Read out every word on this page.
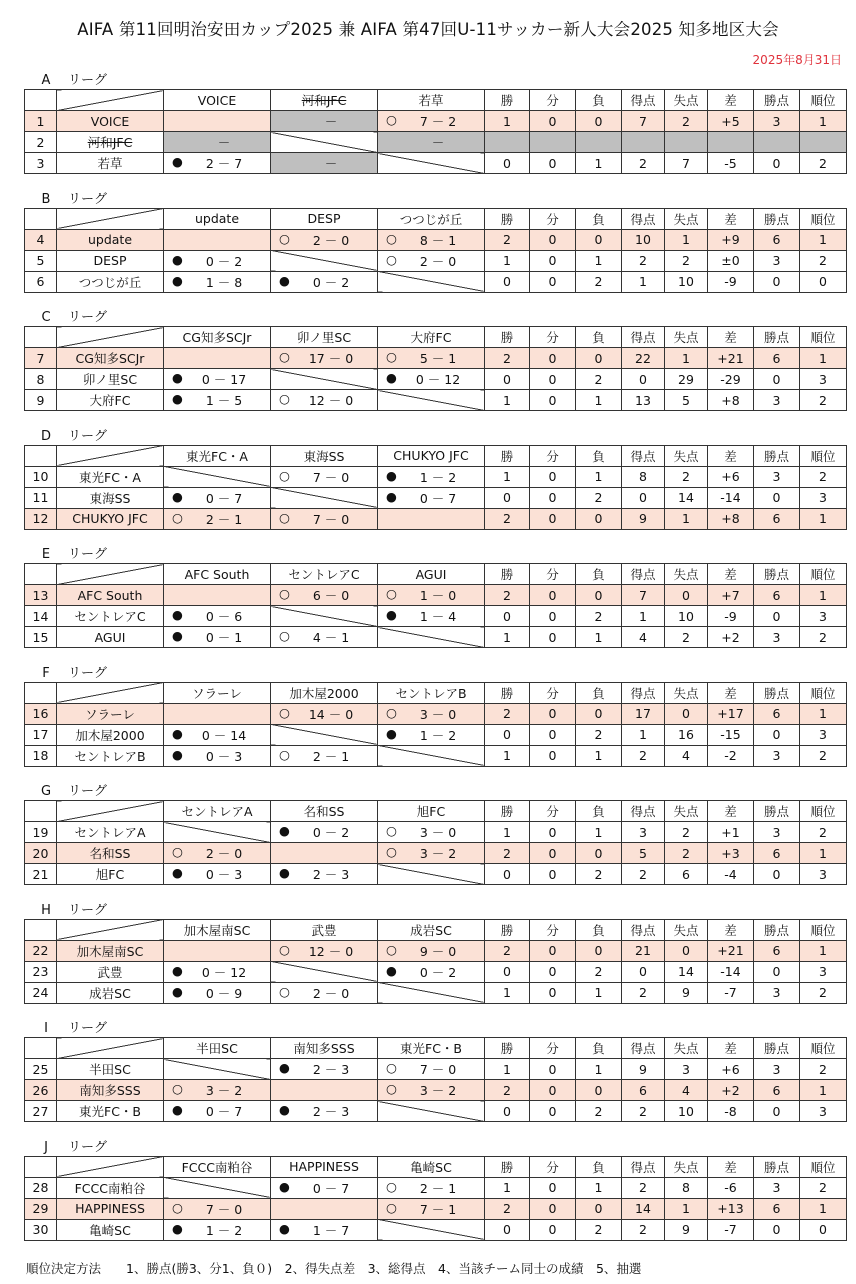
AIFA 第11回明治安田カップ2025 兼 AIFA 第47回U-11サッカー新人大会2025 知多地区大会
2025年8月31日
A リーグ
		VOICE	河和JFC	若草	勝	分	負	得点	失点	差	勝点	順位
1	VOICE		－	○ 7 － 2	1	0	0	7	2	+5	3	1
2	河和JFC	－		－								

3	若草	● 2 － 7	－		0	0	1	2	7	-5	0	2
B リーグ
		update	DESP	つつじが丘	勝	分	負	得点	失点	差	勝点	順位
4	update		○ 2 － 0	○ 8 － 1	2	0	0	10	1	+9	6	1
5	DESP	● 0 － 2		○ 2 － 0	1	0	1	2	2	±0	3	2
6	つつじが丘	● 1 － 8	● 0 － 2		0	0	2	1	10	-9	0	0
C リーグ
		CG知多SCJr	卯ノ里SC	大府FC	勝	分	負	得点	失点	差	勝点	順位
7	CG知多SCJr		○ 17 － 0	○ 5 － 1	2	0	0	22	1	+21	6	1
8	卯ノ里SC	● 0 － 17		● 0 － 12	0	0	2	0	29	-29	0	3
9	大府FC	● 1 － 5	○ 12 － 0		1	0	1	13	5	+8	3	2
D リーグ
		東光FC・A	東海SS	CHUKYO JFC	勝	分	負	得点	失点	差	勝点	順位
10	東光FC・A		○ 7 － 0	● 1 － 2	1	0	1	8	2	+6	3	2
11	東海SS	● 0 － 7		● 0 － 7	0	0	2	0	14	-14	0	3
12	CHUKYO JFC	○ 2 － 1	○ 7 － 0		2	0	0	9	1	+8	6	1
E リーグ
		AFC South	セントレアC	AGUI	勝	分	負	得点	失点	差	勝点	順位
13	AFC South		○ 6 － 0	○ 1 － 0	2	0	0	7	0	+7	6	1
14	セントレアC	● 0 － 6		● 1 － 4	0	0	2	1	10	-9	0	3
15	AGUI	● 0 － 1	○ 4 － 1		1	0	1	4	2	+2	3	2
F リーグ
		ソラーレ	加木屋2000	セントレアB	勝	分	負	得点	失点	差	勝点	順位
16	ソラーレ		○ 14 － 0	○ 3 － 0	2	0	0	17	0	+17	6	1
17	加木屋2000	● 0 － 14		● 1 － 2	0	0	2	1	16	-15	0	3
18	セントレアB	● 0 － 3	○ 2 － 1		1	0	1	2	4	-2	3	2
G リーグ
		セントレアA	名和SS	旭FC	勝	分	負	得点	失点	差	勝点	順位
19	セントレアA		● 0 － 2	○ 3 － 0	1	0	1	3	2	+1	3	2
20	名和SS	○ 2 － 0		○ 3 － 2	2	0	0	5	2	+3	6	1
21	旭FC	● 0 － 3	● 2 － 3		0	0	2	2	6	-4	0	3
H リーグ
		加木屋南SC	武豊	成岩SC	勝	分	負	得点	失点	差	勝点	順位
22	加木屋南SC		○ 12 － 0	○ 9 － 0	2	0	0	21	0	+21	6	1
23	武豊	● 0 － 12		● 0 － 2	0	0	2	0	14	-14	0	3
24	成岩SC	● 0 － 9	○ 2 － 0		1	0	1	2	9	-7	3	2
I リーグ
		半田SC	南知多SSS	東光FC・B	勝	分	負	得点	失点	差	勝点	順位
25	半田SC		● 2 － 3	○ 7 － 0	1	0	1	9	3	+6	3	2
26	南知多SSS	○ 3 － 2		○ 3 － 2	2	0	0	6	4	+2	6	1
27	東光FC・B	● 0 － 7	● 2 － 3		0	0	2	2	10	-8	0	3
J リーグ
		FCCC南粕谷	HAPPINESS	亀崎SC	勝	分	負	得点	失点	差	勝点	順位
28	FCCC南粕谷		● 0 － 7	○ 2 － 1	1	0	1	2	8	-6	3	2
29	HAPPINESS	○ 7 － 0		○ 7 － 1	2	0	0	14	1	+13	6	1
30	亀崎SC	● 1 － 2	● 1 － 7		0	0	2	2	9	-7	0	0
順位決定方法　　1、勝点(勝3、分1、負０)　2、得失点差　3、総得点　4、当該チーム同士の成績　5、抽選
